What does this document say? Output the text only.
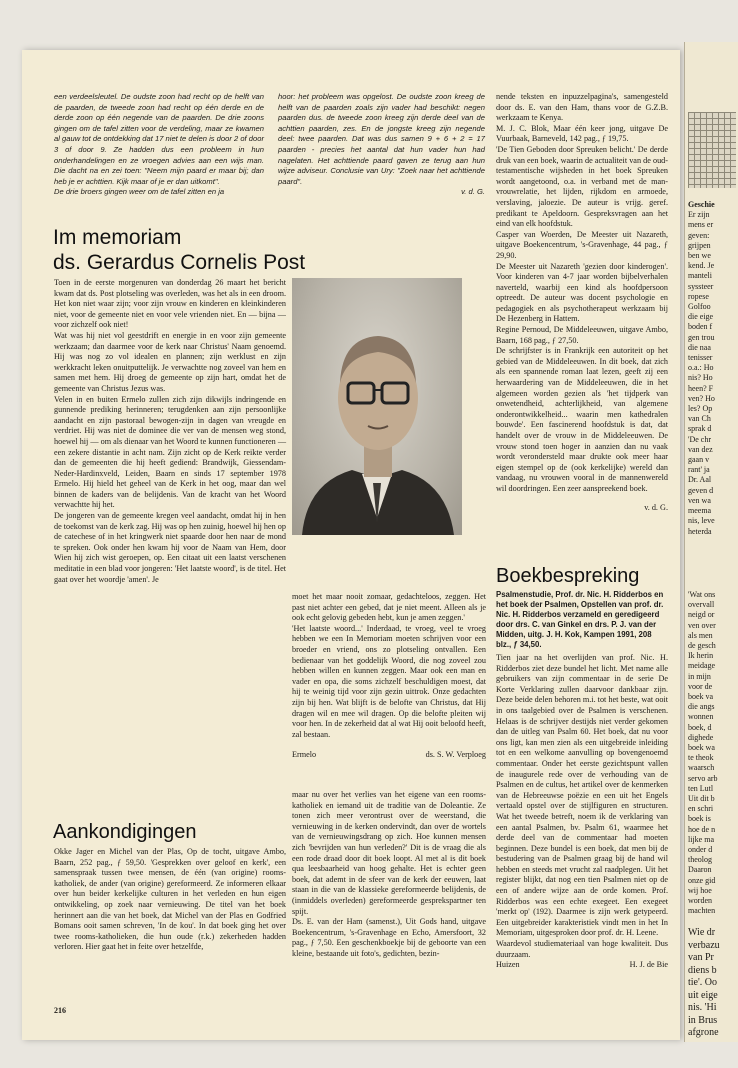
een verdeelsleutel. De oudste zoon had recht op de helft van de paarden, de tweede zoon had recht op één derde en de derde zoon op één negende van de paarden. De drie zoons gingen om de tafel zitten voor de verdeling, maar ze kwamen al gauw tot de ontdekking dat 17 niet te delen is door 2 of door 3 of door 9. Ze hadden dus een probleem in hun onderhandelingen en ze vroegen advies aan een wijs man. Die dacht na en zei toen: "Neem mijn paard er maar bij; dan heb je er achttien. Kijk maar of je er dan uitkomt".

De drie broers gingen weer om de tafel zitten en ja

hoor: het probleem was opgelost. De oudste zoon kreeg de helft van de paarden zoals zijn vader had beschikt: negen paarden dus. de tweede zoon kreeg zijn derde deel van de achttien paarden, zes. En de jongste kreeg zijn negende deel: twee paarden. Dat was dus samen 9 + 6 + 2 = 17 paarden - precies het aantal dat hun vader hun had nagelaten. Het achttiende paard gaven ze terug aan hun wijze adviseur. Conclusie van Ury: "Zoek naar het achttiende paard".

v. d. G.

Im memoriam
ds. Gerardus Cornelis Post

Toen in de eerste morgenuren van donderdag 26 maart het bericht kwam dat ds. Post plotseling was overleden, was het als in een droom. Het kon niet waar zijn; voor zijn vrouw en kinderen en kleinkinderen niet, voor de gemeente niet en voor vele vrienden niet. En — bijna — voor zichzelf ook niet!

Wat was hij niet vol geestdrift en energie in en voor zijn gemeente werkzaam; dan daarmee voor de kerk naar Christus' Naam genoemd. Hij was nog zo vol idealen en plannen; zijn werklust en zijn werkkracht leken onuitputtelijk. Je verwachtte nog zoveel van hem en samen met hem. Hij droeg de gemeente op zijn hart, omdat het de gemeente van Christus Jezus was.

Velen in en buiten Ermelo zullen zich zijn dikwijls indringende en gunnende prediking herinneren; terugdenken aan zijn persoonlijke aandacht en zijn pastoraal bewogen-zijn in dagen van vreugde en verdriet. Hij was niet de dominee die ver van de mensen weg stond, hoewel hij — om als dienaar van het Woord te kunnen functioneren — een zekere distantie in acht nam. Zijn zicht op de Kerk reikte verder dan de gemeenten die hij heeft gediend: Brandwijk, Giessendam-Neder-Hardinxveld, Leiden, Baarn en sinds 17 september 1978 Ermelo. Hij hield het geheel van de Kerk in het oog, maar dan wel binnen de kaders van de belijdenis. Van de kracht van het Woord verwachtte hij het.

De jongeren van de gemeente kregen veel aandacht, omdat hij in hen de toekomst van de kerk zag. Hij was op hen zuinig, hoewel hij hen op de catechese of in het kringwerk niet spaarde door hen naar de mond te spreken. Ook onder hen kwam hij voor de Naam van Hem, door Wien hij zich wist geroepen, op. Een citaat uit een laatst verschenen meditatie in een blad voor jongeren: 'Het laatste woord', is de titel. Het gaat over het woordje 'amen'. Je

moet het maar nooit zomaar, gedachteloos, zeggen. Het past niet achter een gebed, dat je niet meent. Alleen als je ook echt gelovig gebeden hebt, kun je amen zeggen.'

'Het laatste woord...' Inderdaad, te vroeg, veel te vroeg hebben we een In Memoriam moeten schrijven voor een broeder en vriend, ons zo plotseling ontvallen. Een bedienaar van het goddelijk Woord, die nog zoveel zou hebben willen en kunnen zeggen. Maar ook een man en vader en opa, die soms zichzelf beschuldigen moest, dat hij te weinig tijd voor zijn gezin uittrok. Onze gedachten zijn bij hen. Wat blijft is de belofte van Christus, dat Hij dragen wil en mee wil dragen. Op die belofte pleiten wij voor hen. In de zekerheid dat al wat Hij ooit beloofd heeft, zal bestaan.

Ermelo	ds. S. W. Verploeg

Aankondigingen

Okke Jager en Michel van der Plas, Op de tocht, uitgave Ambo, Baarn, 252 pag., ƒ 59,50. 'Gesprekken over geloof en kerk', een samenspraak tussen twee mensen, de één (van origine) rooms-katholiek, de ander (van origine) gereformeerd. Ze informeren elkaar over hun beider kerkelijke culturen in het verleden en hun eigen ontwikkeling, op zoek naar vernieuwing. De titel van het boek herinnert aan die van het boek, dat Michel van der Plas en Godfried Bomans ooit samen schreven, 'In de kou'. In dat boek ging het over twee rooms-katholieken, die hun oude (r.k.) zekerheden hadden verloren. Hier gaat het in feite over hetzelfde,

maar nu over het verlies van het eigene van een rooms-katholiek en iemand uit de traditie van de Doleantie. Ze tonen zich meer verontrust over de weerstand, die vernieuwing in de kerken ondervindt, dan over de wortels van de vernieuwingsdrang op zich. Hoe kunnen mensen zich 'bevrijden van hun verleden?' Dit is de vraag die als een rode draad door dit boek loopt. Al met al is dit boek qua leesbaarheid van hoog gehalte. Het is echter geen boek, dat ademt in de sfeer van de kerk der eeuwen, laat staan in die van de klassieke gereformeerde belijdenis, de (inmiddels overleden) gereformeerde gesprekspartner ten spijt.

Ds. E. van der Ham (samenst.), Uit Gods hand, uitgave Boekencentrum, 's-Gravenhage en Echo, Amersfoort, 32 pag., ƒ 7,50. Een geschenkboekje bij de geboorte van een kleine, bestaande uit foto's, gedichten, bezin-

nende teksten en inpuzzelpagina's, samengesteld door ds. E. van den Ham, thans voor de G.Z.B. werkzaam te Kenya.

M. J. C. Blok, Maar één keer jong, uitgave De Vuurbaak, Barneveld, 142 pag., ƒ 19,75.

'De Tien Geboden door Spreuken belicht.' De derde druk van een boek, waarin de actualiteit van de oud-testamentische wijsheden in het boek Spreuken wordt aangetoond, o.a. in verband met de man-vrouwrelatie, het lijden, rijkdom en armoede, verslaving, jaloezie. De auteur is vrijg. geref. predikant te Apeldoorn. Gespreksvragen aan het eind van elk hoofdstuk.

Casper van Woerden, De Meester uit Nazareth, uitgave Boekencentrum, 's-Gravenhage, 44 pag., ƒ 29,90.

De Meester uit Nazareth 'gezien door kinderogen'. Voor kinderen van 4-7 jaar worden bijbelverhalen naverteld, waarbij een kind als hoofdpersoon optreedt. De auteur was docent psychologie en pedagogiek en als psychotherapeut werkzaam bij De Hezenberg in Hattem.

Regine Pernoud, De Middeleeuwen, uitgave Ambo, Baarn, 168 pag., ƒ 27,50.

De schrijfster is in Frankrijk een autoriteit op het gebied van de Middeleeuwen. In dit boek, dat zich als een spannende roman laat lezen, geeft zij een herwaardering van de Middeleeuwen, die in het algemeen worden gezien als 'het tijdperk van onwetendheid, achterlijkheid, van algemene onderontwikkelheid... waarin men kathedralen bouwde'. Een fascinerend hoofdstuk is dat, dat handelt over de vrouw in de Middeleeuwen. De vrouw stond toen hoger in aanzien dan nu vaak wordt verondersteld maar drukte ook meer haar eigen stempel op de (ook kerkelijke) wereld dan vandaag, nu vrouwen vooral in de mannenwereld wil doordringen. Een zeer aanspreekend boek.

v. d. G.

Boekbespreking

Psalmenstudie, Prof. dr. Nic. H. Ridderbos en het boek der Psalmen, Opstellen van prof. dr. Nic. H. Ridderbos verzameld en geredigeerd door drs. C. van Ginkel en drs. P. J. van der Midden, uitg. J. H. Kok, Kampen 1991, 208 blz., ƒ 34,50.

Tien jaar na het overlijden van prof. Nic. H. Ridderbos ziet deze bundel het licht. Met name alle gebruikers van zijn commentaar in de serie De Korte Verklaring zullen daarvoor dankbaar zijn. Deze beide delen behoren m.i. tot het beste, wat ooit in ons taalgebied over de Psalmen is verschenen. Helaas is de schrijver destijds niet verder gekomen dan de uitleg van Psalm 60. Het boek, dat nu voor ons ligt, kan men zien als een uitgebreide inleiding tot en een welkome aanvulling op bovengenoemd commentaar. Onder het eerste gezichtspunt vallen de inaugurele rede over de verhouding van de Psalmen en de cultus, het artikel over de kenmerken van de Hebreeuwse poëzie en een uit het Engels vertaald opstel over de stijlfiguren en structuren. Wat het tweede betreft, noem ik de verklaring van een aantal Psalmen, bv. Psalm 61, waarmee het derde deel van de commentaar had moeten beginnen. Deze bundel is een boek, dat men bij de bestudering van de Psalmen graag bij de hand wil hebben en steeds met vrucht zal raadplegen. Uit het register blijkt, dat nog een tien Psalmen niet op de een of andere wijze aan de orde komen. Prof. Ridderbos was een echte exegeet. Een exegeet 'merkt op' (192). Daarmee is zijn werk getypeerd. Een uitgebreider karakteristiek vindt men in het In Memoriam, uitgesproken door prof. dr. H. Leene.

Waardevol studiemateriaal van hoge kwaliteit. Dus duurzaam.

Huizen	H. J. de Bie

216

Geschie

Er zijn

mens er

geven:

grijpen

ben we

kend. Je

manteli

syssteer

ropese

Golfoo

die eige

boden f

gen trou

die naa

tenisser

o.a.: Ho

nis? Ho

heen? F

ven? Ho

les? Op

van Ch

sprak d

'De chr

van dez

gaan v

rant' ja

Dr. Aal

geven d

ven wa

meema

nis, leve

heterda

'Wat ons

overvall

neigd or

ven over

als men

de gesch

Ik herin

meidage

in mijn

voor de

boek va

die angs

wonnen

boek, d

dighede

boek wa

te theok

waarsch

servo arb

ten Lutl

Uit dit b

en schri

boek is

hoe de n

lijke ma

onder d

theolog

Daaron

onze gid

wij hoe

worden

machten

Wie dr

verbazu

van Pr

diens b

tie'. Oo

uit eige

nis. 'Hi

in Brus

afgrone
